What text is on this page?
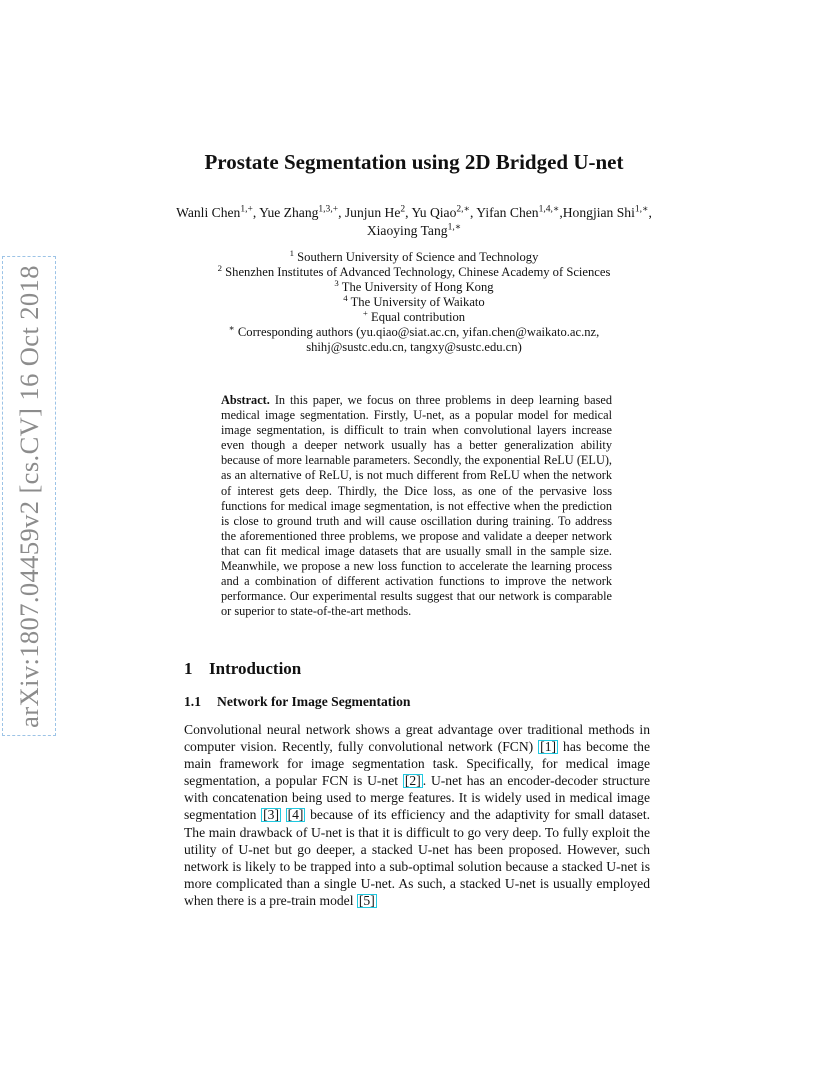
arXiv:1807.04459v2 [cs.CV] 16 Oct 2018
Prostate Segmentation using 2D Bridged U-net
Wanli Chen$^{1,+}$, Yue Zhang$^{1,3,+}$, Junjun He$^2$, Yu Qiao$^{2,∗}$, Yifan Chen$^{1,4,∗}$,Hongjian Shi$^{1,∗}$, Xiaoying Tang$^{1,∗}$
$^1$ Southern University of Science and Technology
$^2$ Shenzhen Institutes of Advanced Technology, Chinese Academy of Sciences
$^3$ The University of Hong Kong
$^4$ The University of Waikato
+ Equal contribution
∗ Corresponding authors (yu.qiao@siat.ac.cn, yifan.chen@waikato.ac.nz,
shihj@sustc.edu.cn, tangxy@sustc.edu.cn)
Abstract. In this paper, we focus on three problems in deep learning based medical image segmentation. Firstly, U-net, as a popular model for medical image segmentation, is difficult to train when convolutional layers increase even though a deeper network usually has a better generalization ability because of more learnable parameters. Secondly, the exponential ReLU (ELU), as an alternative of ReLU, is not much different from ReLU when the network of interest gets deep. Thirdly, the Dice loss, as one of the pervasive loss functions for medical image segmentation, is not effective when the prediction is close to ground truth and will cause oscillation during training. To address the aforementioned three problems, we propose and validate a deeper network that can fit medical image datasets that are usually small in the sample size. Meanwhile, we propose a new loss function to accelerate the learning process and a combination of different activation functions to improve the network performance. Our experimental results suggest that our network is comparable or superior to state-of-the-art methods.
1 Introduction
1.1 Network for Image Segmentation
Convolutional neural network shows a great advantage over traditional methods in computer vision. Recently, fully convolutional network (FCN) [1] has become the main framework for image segmentation task. Specifically, for medical image segmentation, a popular FCN is U-net [2] . U-net has an encoder-decoder structure with concatenation being used to merge features. It is widely used in medical image segmentation [3] [4] because of its efficiency and the adaptivity for small dataset. The main drawback of U-net is that it is difficult to go very deep. To fully exploit the utility of U-net but go deeper, a stacked U-net has been proposed. However, such network is likely to be trapped into a sub-optimal solution because a stacked U-net is more complicated than a single U-net. As such, a stacked U-net is usually employed when there is a pre-train model [5]
